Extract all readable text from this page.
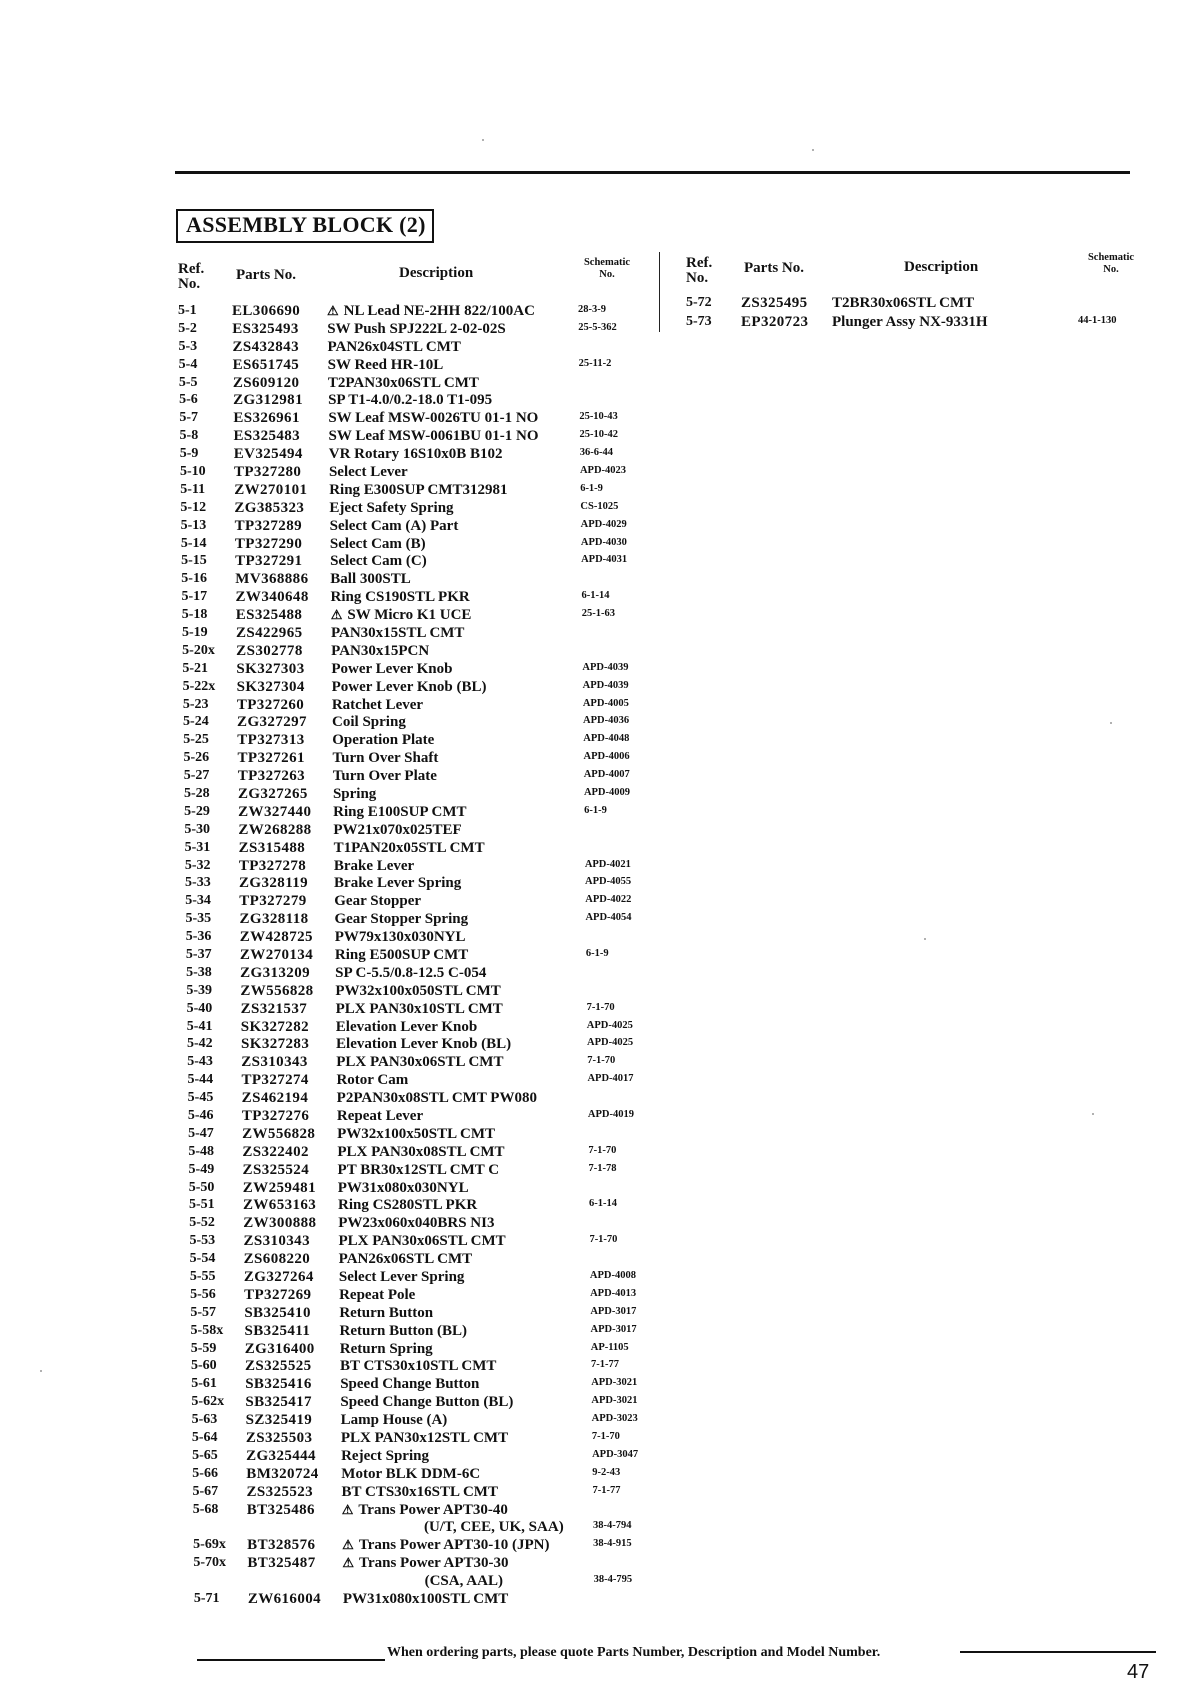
ASSEMBLY BLOCK (2)
Ref.
No.
Parts No.	Description
Schematic
No.
Ref.
No.
Parts No.	Description
Schematic
No.
5-1 EL306690 ⚠ NL Lead NE-2HH 822/100AC	28-3-9
5-2 ES325493 SW Push SPJ222L 2-02-02S	25-5-362
5-3 ZS432843 PAN26x04STL CMT
5-4 ES651745 SW Reed HR-10L	25-11-2
5-5 ZS609120 T2PAN30x06STL CMT
5-6 ZG312981 SP T1-4.0/0.2-18.0 T1-095
5-7 ES326961 SW Leaf MSW-0026TU 01-1 NO	25-10-43
5-8 ES325483 SW Leaf MSW-0061BU 01-1 NO	25-10-42
5-9 EV325494 VR Rotary 16S10x0B B102	36-6-44
5-10 TP327280 Select Lever	APD-4023
5-11 ZW270101 Ring E300SUP CMT312981	6-1-9
5-12 ZG385323 Eject Safety Spring	CS-1025
5-13 TP327289 Select Cam (A) Part	APD-4029
5-14 TP327290 Select Cam (B)	APD-4030
5-15 TP327291 Select Cam (C)	APD-4031
5-16 MV368886 Ball 300STL
5-17 ZW340648 Ring CS190STL PKR	6-1-14
5-18 ES325488 ⚠ SW Micro K1 UCE	25-1-63
5-19 ZS422965 PAN30x15STL CMT
5-20x ZS302778 PAN30x15PCN
5-21 SK327303 Power Lever Knob	APD-4039
5-22x SK327304 Power Lever Knob (BL)	APD-4039
5-23 TP327260 Ratchet Lever	APD-4005
5-24 ZG327297 Coil Spring	APD-4036
5-25 TP327313 Operation Plate	APD-4048
5-26 TP327261 Turn Over Shaft	APD-4006
5-27 TP327263 Turn Over Plate	APD-4007
5-28 ZG327265 Spring	APD-4009
5-29 ZW327440 Ring E100SUP CMT	6-1-9
5-30 ZW268288 PW21x070x025TEF
5-31 ZS315488 T1PAN20x05STL CMT
5-32 TP327278 Brake Lever	APD-4021
5-33 ZG328119 Brake Lever Spring	APD-4055
5-34 TP327279 Gear Stopper	APD-4022
5-35 ZG328118 Gear Stopper Spring	APD-4054
5-36 ZW428725 PW79x130x030NYL
5-37 ZW270134 Ring E500SUP CMT	6-1-9
5-38 ZG313209 SP C-5.5/0.8-12.5 C-054
5-39 ZW556828 PW32x100x050STL CMT
5-40 ZS321537 PLX PAN30x10STL CMT	7-1-70
5-41 SK327282 Elevation Lever Knob	APD-4025
5-42 SK327283 Elevation Lever Knob (BL)	APD-4025
5-43 ZS310343 PLX PAN30x06STL CMT	7-1-70
5-44 TP327274 Rotor Cam	APD-4017
5-45 ZS462194 P2PAN30x08STL CMT PW080
5-46 TP327276 Repeat Lever	APD-4019
5-47 ZW556828 PW32x100x50STL CMT
5-48 ZS322402 PLX PAN30x08STL CMT	7-1-70
5-49 ZS325524 PT BR30x12STL CMT C	7-1-78
5-50 ZW259481 PW31x080x030NYL
5-51 ZW653163 Ring CS280STL PKR	6-1-14
5-52 ZW300888 PW23x060x040BRS NI3
5-53 ZS310343 PLX PAN30x06STL CMT	7-1-70
5-54 ZS608220 PAN26x06STL CMT
5-55 ZG327264 Select Lever Spring	APD-4008
5-56 TP327269 Repeat Pole	APD-4013
5-57 SB325410 Return Button	APD-3017
5-58x SB325411 Return Button (BL)	APD-3017
5-59 ZG316400 Return Spring	AP-1105
5-60 ZS325525 BT CTS30x10STL CMT	7-1-77
5-61 SB325416 Speed Change Button	APD-3021
5-62x SB325417 Speed Change Button (BL)	APD-3021
5-63 SZ325419 Lamp House (A)	APD-3023
5-64 ZS325503 PLX PAN30x12STL CMT	7-1-70
5-65 ZG325444 Reject Spring	APD-3047
5-66 BM320724 Motor BLK DDM-6C	9-2-43
5-67 ZS325523 BT CTS30x16STL CMT	7-1-77
5-68 BT325486 ⚠ Trans Power APT30-40
(U/T, CEE, UK, SAA)	38-4-794
5-69x BT328576 ⚠ Trans Power APT30-10 (JPN)	38-4-915
5-70x BT325487 ⚠ Trans Power APT30-30
(CSA, AAL)	38-4-795
5-71 ZW616004 PW31x080x100STL CMT
5-72 ZS325495 T2BR30x06STL CMT
5-73 EP320723 Plunger Assy NX-9331H	44-1-130
When ordering parts, please quote Parts Number, Description and Model Number.
47
